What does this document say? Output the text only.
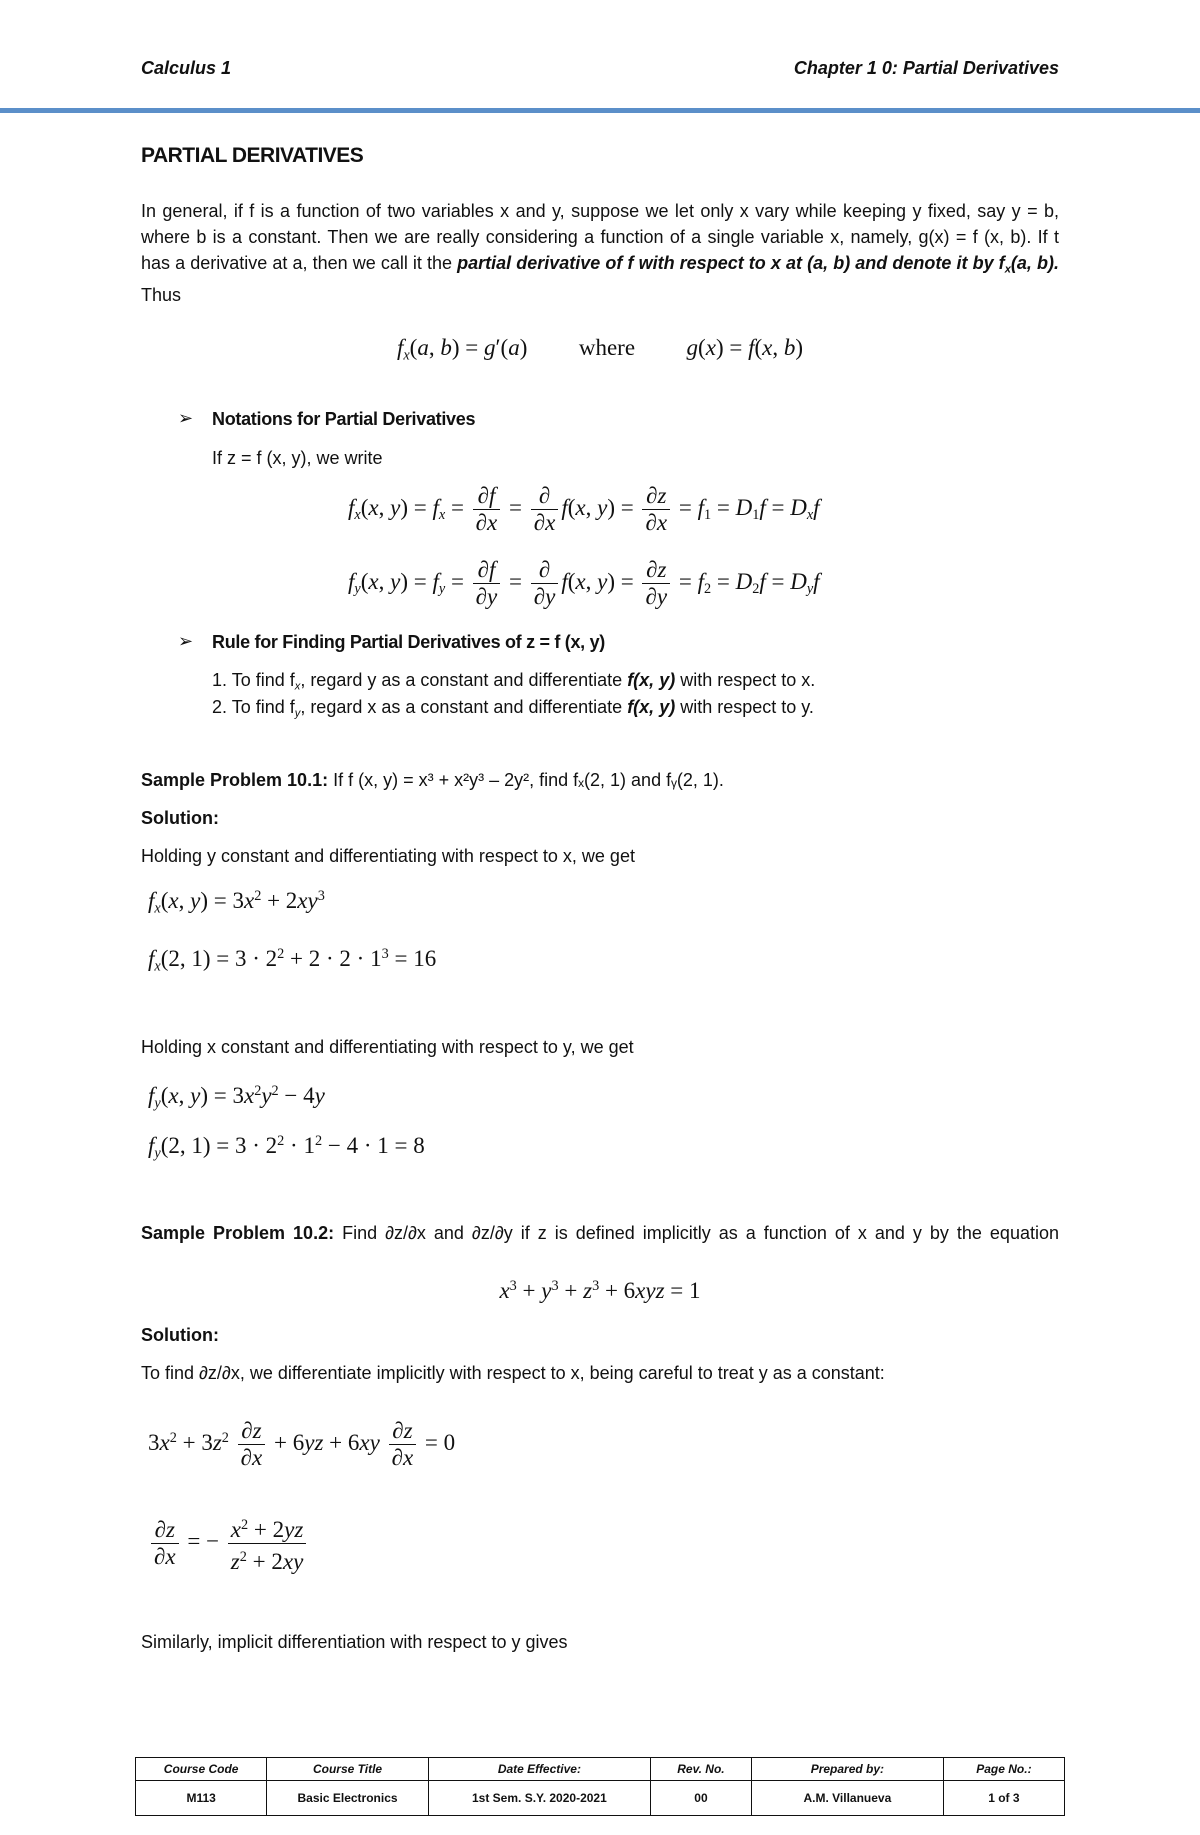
Calculus 1	Chapter 1 0: Partial Derivatives
PARTIAL DERIVATIVES
In general, if f is a function of two variables x and y, suppose we let only x vary while keeping y fixed, say y = b, where b is a constant. Then we are really considering a function of a single variable x, namely, g(x) = f (x, b). If t has a derivative at a, then we call it the partial derivative of f with respect to x at (a, b) and denote it by $f_x(a$, b). Thus
$f_x(a$, b) = g′(a)  where g(x) = f(x, b)
➢ Notations for Partial Derivatives
If z = f (x, y), we write
$f_x(x$, $y) = f_x = \frac{\partial f}{\partial x} = \frac{\partial}{\partial x} f(x$, $y) = \frac{\partial z}{\partial x} = f_1 = D_1f = D_xf$
$f_y(x$, $y) = f_y = \frac{\partial f}{\partial y} = \frac{\partial}{\partial y} f(x$, $y) = \frac{\partial z}{\partial y} = f_2 = D_2f = D_yf$
➢ Rule for Finding Partial Derivatives of z = f (x, y)
1. To find $f_x$, regard y as a constant and differentiate f(x, y) with respect to x.
2. To find $f_y$, regard x as a constant and differentiate f(x, y) with respect to y.
Sample Problem 10.1: If f (x, y) = x³ + x²y³ – 2y², find fₓ(2, 1) and fᵧ(2, 1).
Solution:
Holding y constant and differentiating with respect to x, we get
$f_x(x$, $y) = 3x^2 + 2xy^3$
$f_x(2$, $1) = 3 \cdot 2^2 + 2 \cdot 2 \cdot 1^3 = 16$
Holding x constant and differentiating with respect to y, we get
$f_y(x$, $y) = 3x^2y^2 - 4y$
$f_y(2$, $1) = 3 \cdot 2^2 \cdot 1^2 - 4 \cdot 1 = 8$
Sample Problem 10.2: Find ∂z/∂x and ∂z/∂y if z is defined implicitly as a function of x and y by the equation
$x^3 + y^3 + z^3 + 6xyz = 1$
Solution:
To find ∂z/∂x, we differentiate implicitly with respect to x, being careful to treat y as a constant:
$3x^2 + 3z^2 \frac{\partial z}{\partial x} + 6yz + 6xy \frac{\partial z}{\partial x} = 0$
$\frac{\partial z}{\partial x}$ = − $\frac{x^2 + 2yz}{z^2 + 2xy}$
Similarly, implicit differentiation with respect to y gives
Course Code	Course Title	Date Effective:	Rev. No.	Prepared by:	Page No.:
M113	Basic Electronics	1st Sem. S.Y. 2020-2021	00	A.M. Villanueva	1 of 3
